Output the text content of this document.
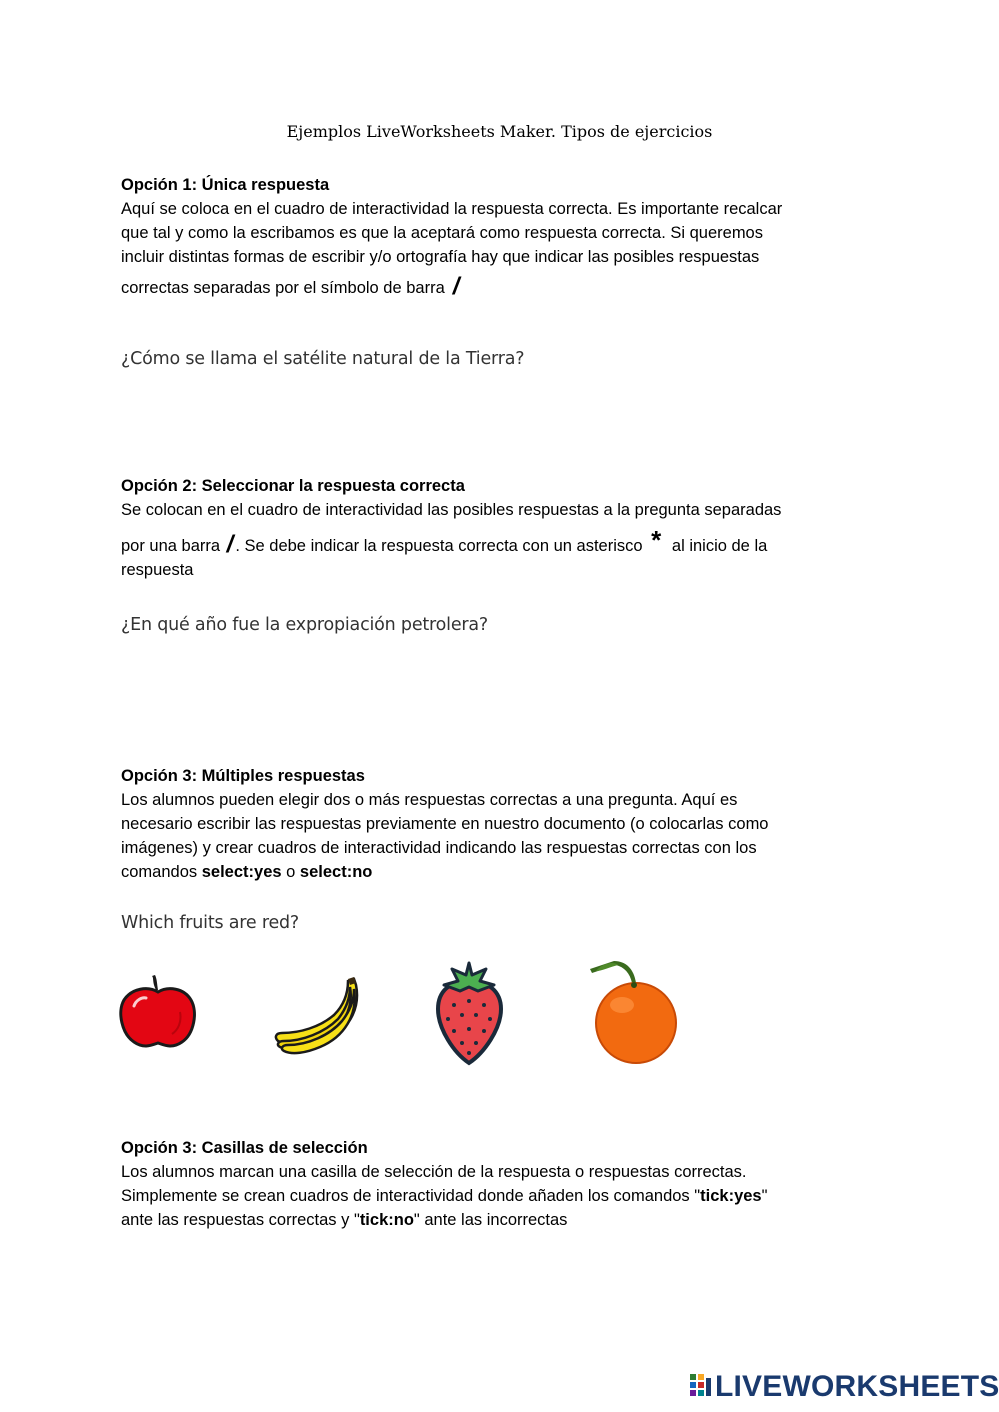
Ejemplos LiveWorksheets Maker. Tipos de ejercicios
Opción 1: Única respuesta
Aquí se coloca en el cuadro de interactividad la respuesta correcta. Es importante recalcar
que tal y como la escribamos es que la aceptará como respuesta correcta. Si queremos
incluir distintas formas de escribir y/o ortografía hay que indicar las posibles respuestas
correctas separadas por el símbolo de barra /
¿Cómo se llama el satélite natural de la Tierra?
Opción 2: Seleccionar la respuesta correcta
Se colocan en el cuadro de interactividad las posibles respuestas a la pregunta separadas
por una barra / . Se debe indicar la respuesta correcta con un asterisco * al inicio de la
respuesta
¿En qué año fue la expropiación petrolera?
Opción 3: Múltiples respuestas
Los alumnos pueden elegir dos o más respuestas correctas a una pregunta. Aquí es
necesario escribir las respuestas previamente en nuestro documento (o colocarlas como
imágenes) y crear cuadros de interactividad indicando las respuestas correctas con los
comandos select:yes o select:no
Which fruits are red?
Opción 3: Casillas de selección
Los alumnos marcan una casilla de selección de la respuesta o respuestas correctas.
Simplemente se crean cuadros de interactividad donde añaden los comandos "tick:yes"
ante las respuestas correctas y "tick:no" ante las incorrectas
LIVEWORKSHEETS
